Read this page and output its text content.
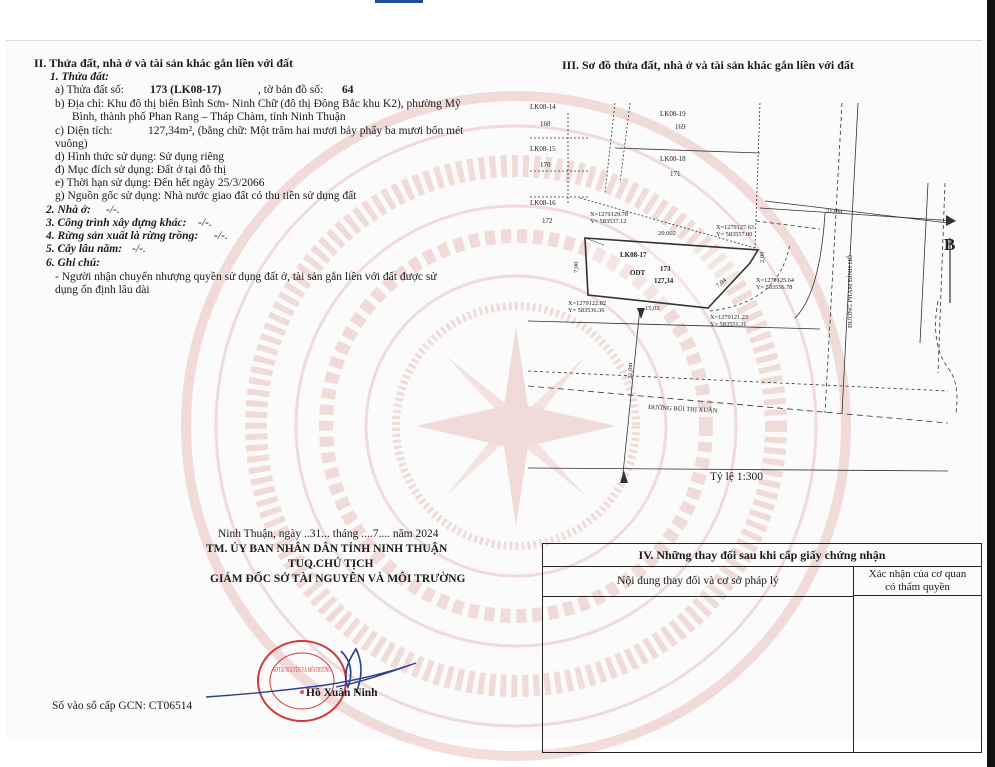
II. Thửa đất, nhà ở và tài sản khác gắn liền với đất
1. Thửa đất:
a) Thửa đất số: 173 (LK08-17)	, tờ bản đồ số: 64
b) Địa chỉ: Khu đô thị biển Bình Sơn- Ninh Chữ (đô thị Đông Bắc khu K2), phường Mỹ
Bình, thành phố Phan Rang – Tháp Chàm, tỉnh Ninh Thuận
c) Diện tích:	127,34m², (bằng chữ: Một trăm hai mươi bảy phẩy ba mươi bốn mét
vuông)
d) Hình thức sử dụng: Sử dụng riêng
đ) Mục đích sử dụng: Đất ở tại đô thị
e) Thời hạn sử dụng: Đến hết ngày 25/3/2066
g) Nguồn gốc sử dụng: Nhà nước giao đất có thu tiền sử dụng đất
2. Nhà ở: -/-.
3. Công trình xây dựng khác: -/-.
4. Rừng sản xuất là rừng trồng: -/-.
5. Cây lâu năm: -/-.
6. Ghi chú:
- Người nhận chuyển nhượng quyền sử dụng đất ở, tài sản gắn liền với đất được sử
dụng ổn định lâu dài
III. Sơ đồ thửa đất, nhà ở và tài sản khác gắn liền với đất
LK08-14
168
LK08-19
169
LK08-15
170
LK08-18
171
LK08-16
172
LK08-17
173
ODT
127,34
20.002
15,03
7,00
2,00
7,04
21,0m
21,0m
X=1279129.78
Y= 583537.12
X=1279127.63
Y= 583557.00
X=1279125.64
Y= 583556.78
X=1279121.23
Y= 583551.31
X=1279122.82
Y= 583536.36
ĐƯỜNG BÙI THỊ XUÂN
ĐƯỜNG PHẠM ĐÌNH HỔ
B
Tỷ lệ 1:300
Ninh Thuận, ngày ..31... tháng ....7.... năm 2024
TM. ỦY BAN NHÂN DÂN TỈNH NINH THUẬN
TUQ.CHỦ TỊCH
GIÁM ĐỐC SỞ TÀI NGUYÊN VÀ MÔI TRƯỜNG
SỞ TÀI NGUYÊN VÀ MÔI TRƯỜNG
Hồ Xuân Ninh
Số vào sổ cấp GCN: CT06514
IV. Những thay đổi sau khi cấp giấy chứng nhận
Nội dung thay đổi và cơ sở pháp lý
Xác nhận của cơ quan
có thẩm quyền
